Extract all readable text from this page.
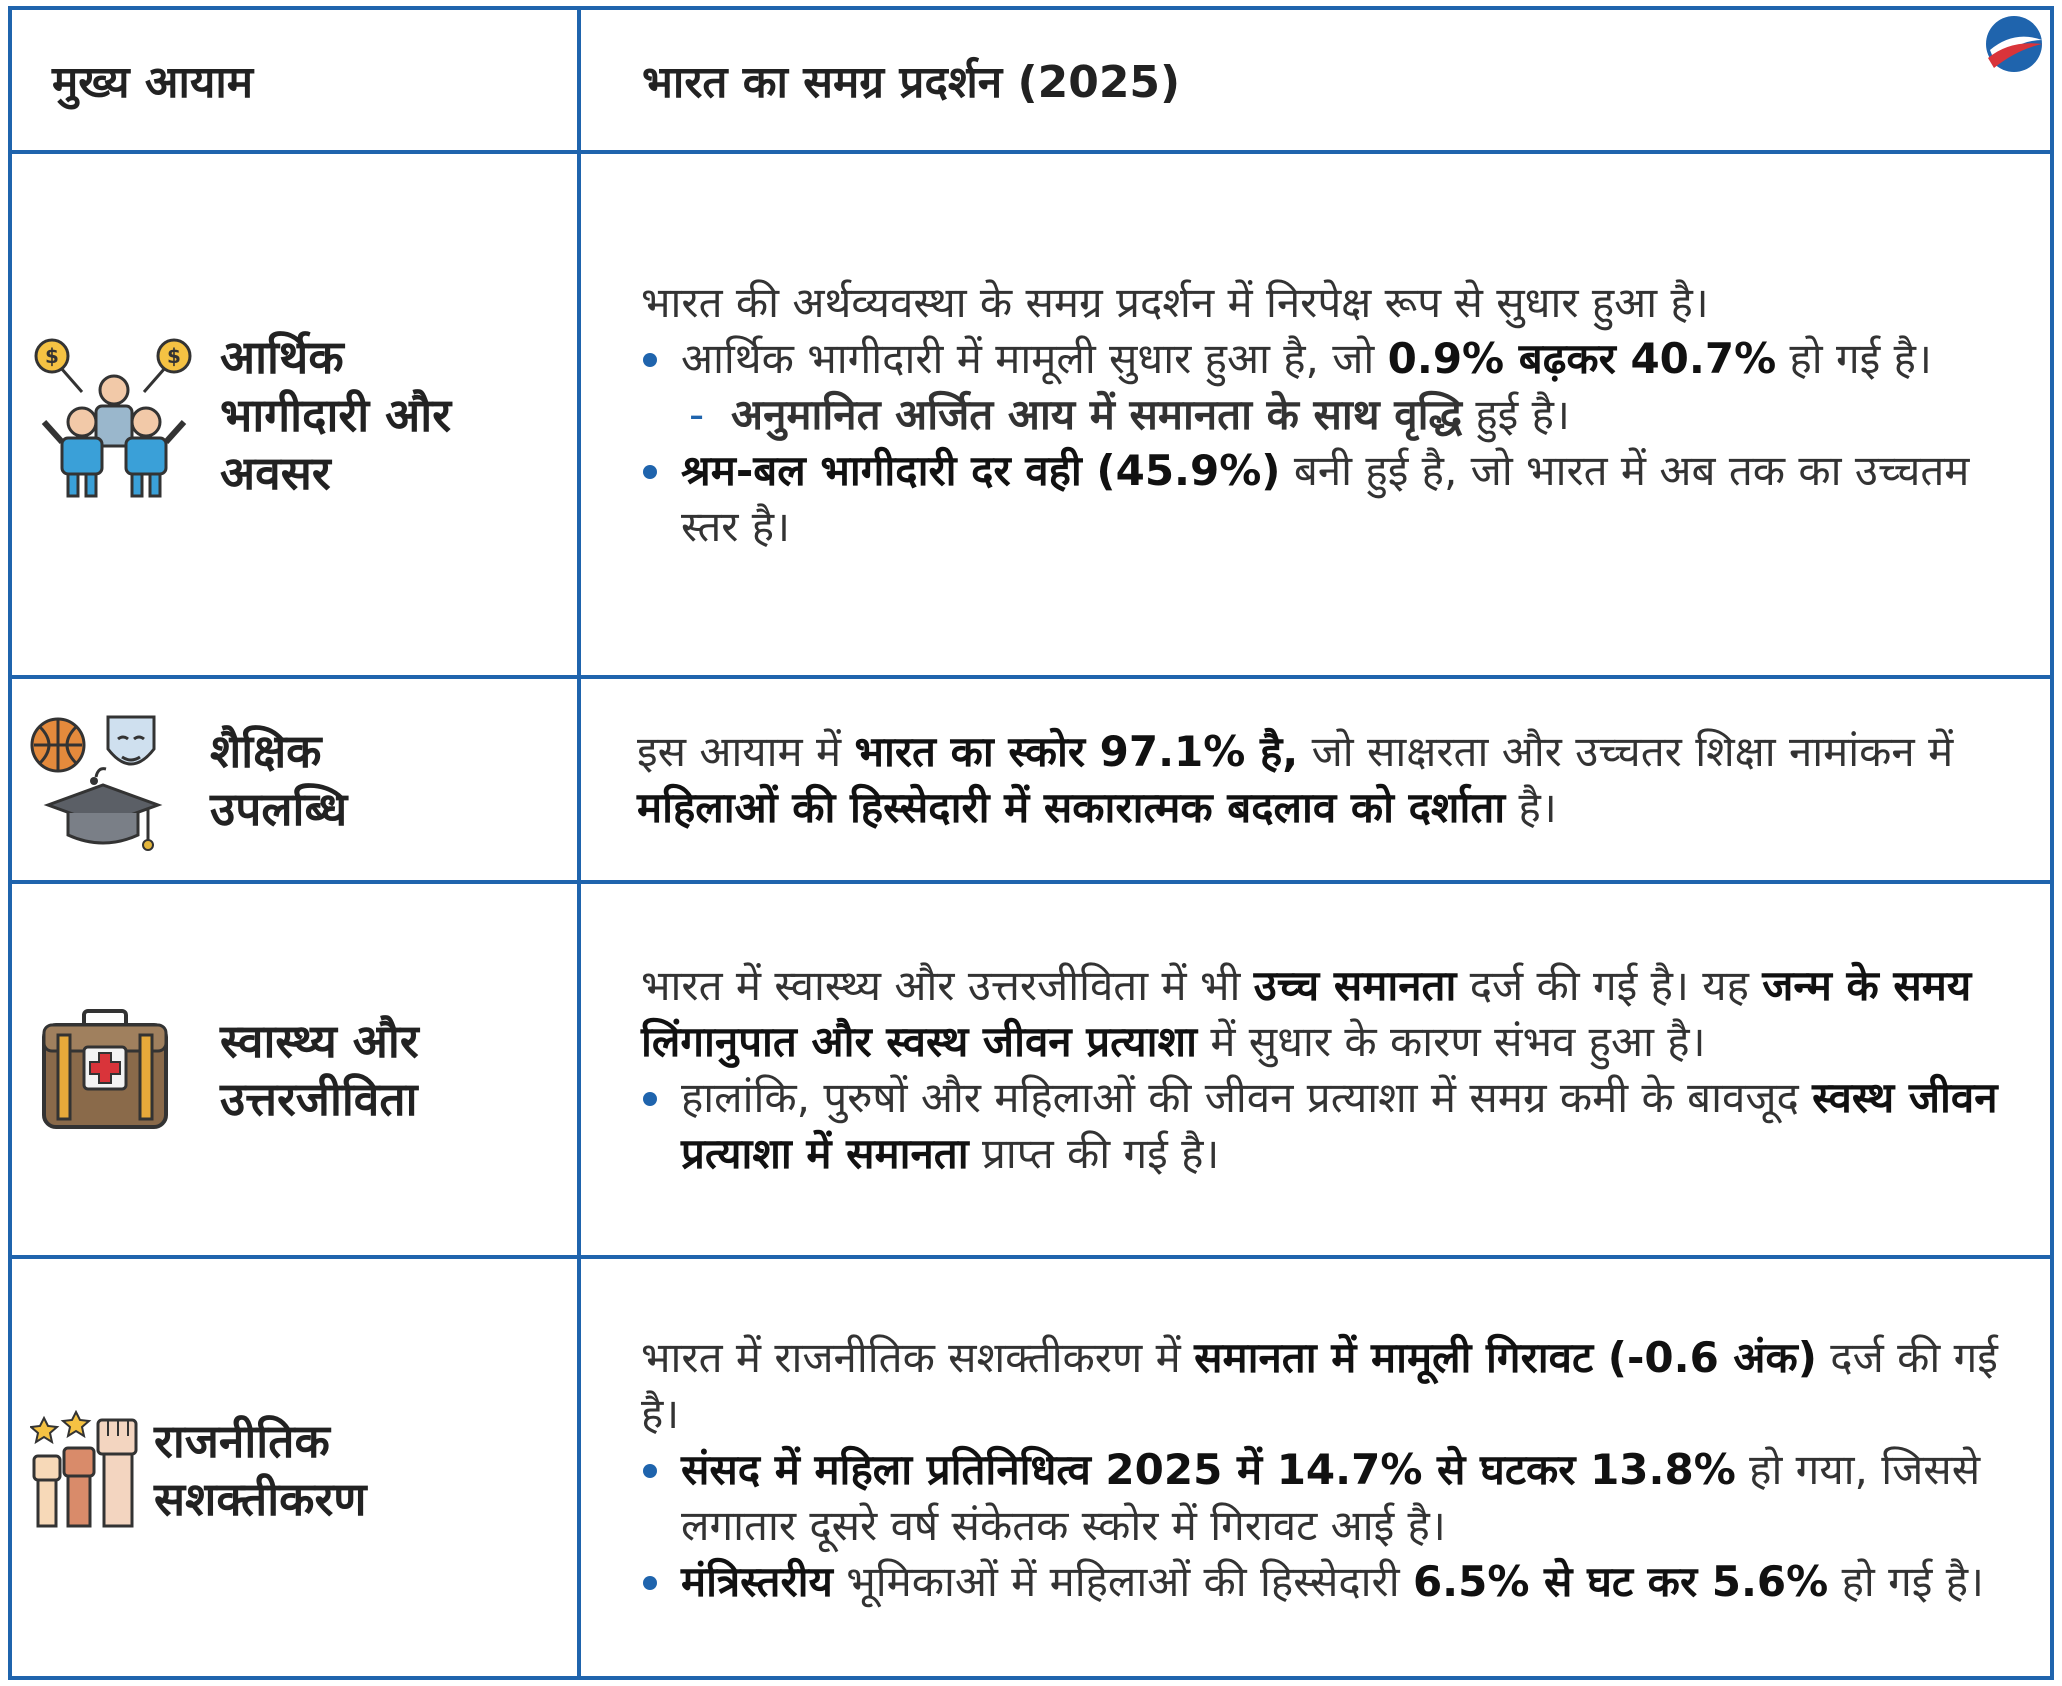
मुख्य आयाम	भारत का समग्र प्रदर्शन (2025)
$	$ आर्थिक
भागीदारी और
अवसर
भारत की अर्थव्यवस्था के समग्र प्रदर्शन में निरपेक्ष रूप से सुधार हुआ है।
आर्थिक भागीदारी में मामूली सुधार हुआ है, जो 0.9% बढ़कर 40.7% हो गई है।
- अनुमानित अर्जित आय में समानता के साथ वृद्धि हुई है।
श्रम-बल भागीदारी दर वही (45.9%) बनी हुई है, जो भारत में अब तक का उच्चतम स्तर है।
शैक्षिक
उपलब्धि
इस आयाम में भारत का स्कोर 97.1% है, जो साक्षरता और उच्चतर शिक्षा नामांकन में महिलाओं की हिस्सेदारी में सकारात्मक बदलाव को दर्शाता है।
स्वास्थ्य और
उत्तरजीविता
भारत में स्वास्थ्य और उत्तरजीविता में भी उच्च समानता दर्ज की गई है। यह जन्म के समय लिंगानुपात और स्वस्थ जीवन प्रत्याशा में सुधार के कारण संभव हुआ है।
हालांकि, पुरुषों और महिलाओं की जीवन प्रत्याशा में समग्र कमी के बावजूद स्वस्थ जीवन प्रत्याशा में समानता प्राप्त की गई है।
राजनीतिक
सशक्तीकरण
भारत में राजनीतिक सशक्तीकरण में समानता में मामूली गिरावट (-0.6 अंक) दर्ज की गई है।
संसद में महिला प्रतिनिधित्व 2025 में 14.7% से घटकर 13.8% हो गया, जिससे लगातार दूसरे वर्ष संकेतक स्कोर में गिरावट आई है।
मंत्रिस्तरीय भूमिकाओं में महिलाओं की हिस्सेदारी 6.5% से घट कर 5.6% हो गई है।
